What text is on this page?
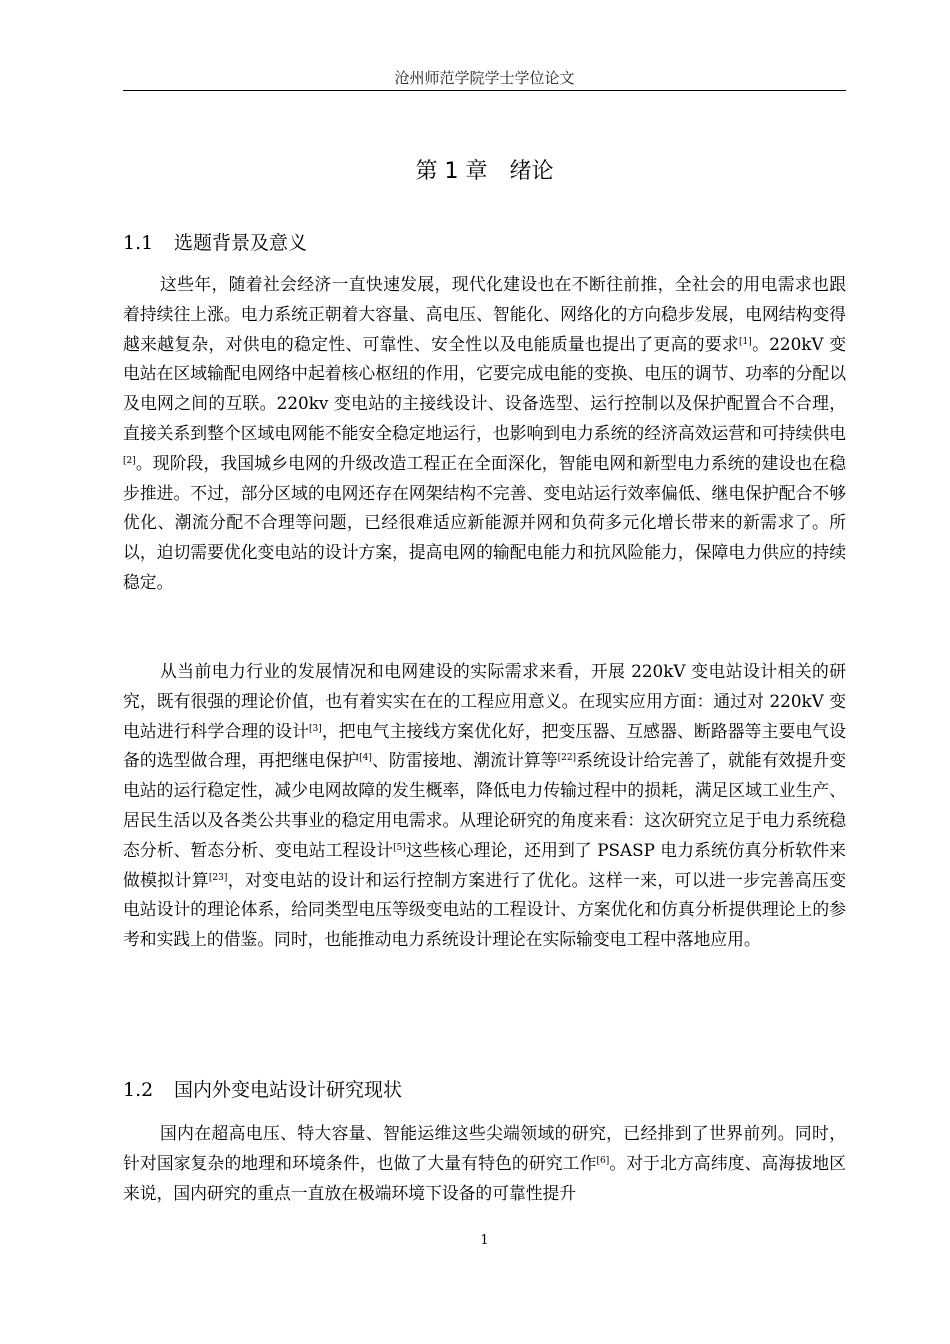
沧州师范学院学士学位论文
第 1 章 绪论
1.1 选题背景及意义

这些年，随着社会经济一直快速发展，现代化建设也在不断往前推，全社会的用电需求也跟着持续往上涨。电力系统正朝着大容量、高电压、智能化、网络化的方向稳步发展，电网结构变得越来越复杂，对供电的稳定性、可靠性、安全性以及电能质量也提出了更高的要求[1]。220kV 变电站在区域输配电网络中起着核心枢纽的作用，它要完成电能的变换、电压的调节、功率的分配以及电网之间的互联。220kv 变电站的主接线设计、设备选型、运行控制以及保护配置合不合理，直接关系到整个区域电网能不能安全稳定地运行，也影响到电力系统的经济高效运营和可持续供电[2]。现阶段，我国城乡电网的升级改造工程正在全面深化，智能电网和新型电力系统的建设也在稳步推进。不过，部分区域的电网还存在网架结构不完善、变电站运行效率偏低、继电保护配合不够优化、潮流分配不合理等问题，已经很难适应新能源并网和负荷多元化增长带来的新需求了。所以，迫切需要优化变电站的设计方案，提高电网的输配电能力和抗风险能力，保障电力供应的持续稳定。

从当前电力行业的发展情况和电网建设的实际需求来看，开展 220kV 变电站设计相关的研究，既有很强的理论价值，也有着实实在在的工程应用意义。在现实应用方面：通过对 220kV 变电站进行科学合理的设计[3]，把电气主接线方案优化好，把变压器、互感器、断路器等主要电气设备的选型做合理，再把继电保护[4]、防雷接地、潮流计算等[22]系统设计给完善了，就能有效提升变电站的运行稳定性，减少电网故障的发生概率，降低电力传输过程中的损耗，满足区域工业生产、居民生活以及各类公共事业的稳定用电需求。从理论研究的角度来看：这次研究立足于电力系统稳态分析、暂态分析、变电站工程设计[5]这些核心理论，还用到了 PSASP 电力系统仿真分析软件来做模拟计算[23]，对变电站的设计和运行控制方案进行了优化。这样一来，可以进一步完善高压变电站设计的理论体系，给同类型电压等级变电站的工程设计、方案优化和仿真分析提供理论上的参考和实践上的借鉴。同时，也能推动电力系统设计理论在实际输变电工程中落地应用。

1.2 国内外变电站设计研究现状

国内在超高电压、特大容量、智能运维这些尖端领域的研究，已经排到了世界前列。同时，针对国家复杂的地理和环境条件，也做了大量有特色的研究工作[6]。对于北方高纬度、高海拔地区来说，国内研究的重点一直放在极端环境下设备的可靠性提升

1
